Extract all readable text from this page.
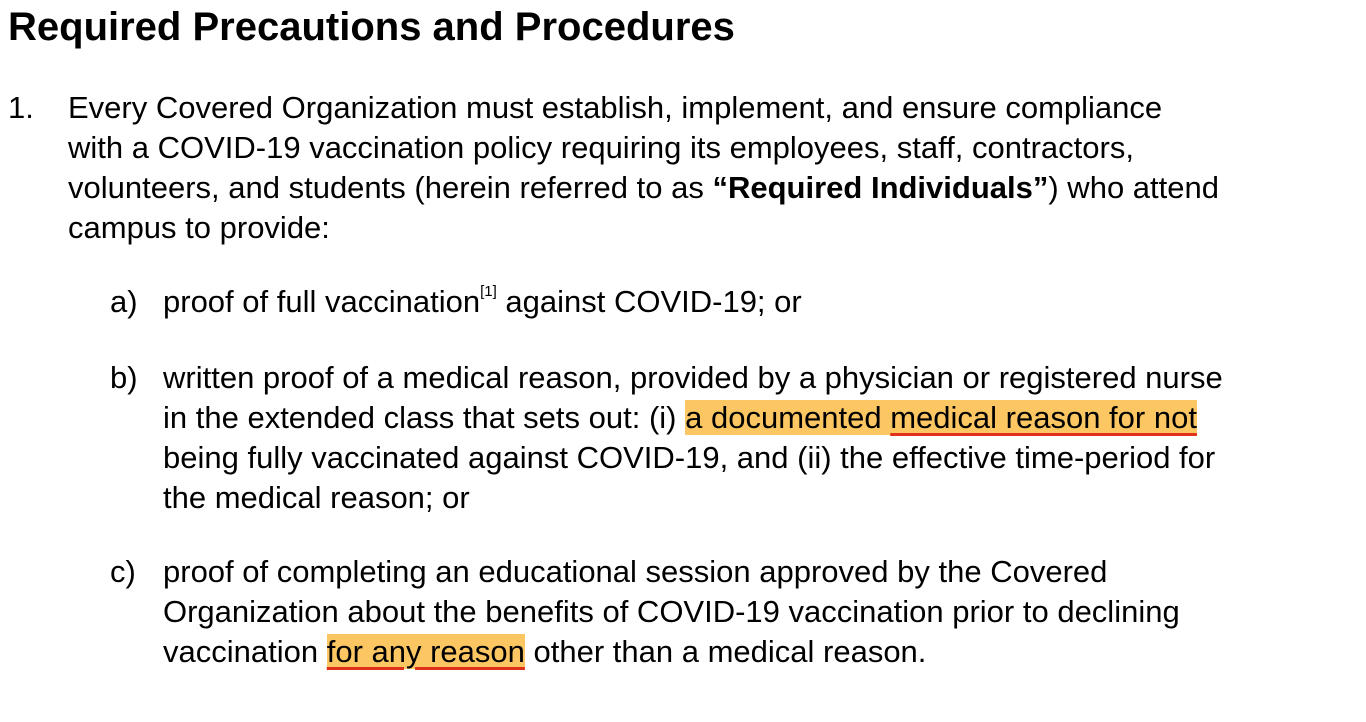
Required Precautions and Procedures
1. Every Covered Organization must establish, implement, and ensure compliance
with a COVID-19 vaccination policy requiring its employees, staff, contractors,
volunteers, and students (herein referred to as “Required Individuals”) who attend
campus to provide:
a) proof of full vaccination[1] against COVID-19; or
b) written proof of a medical reason, provided by a physician or registered nurse
in the extended class that sets out: (i) a documented medical reason for not
being fully vaccinated against COVID-19, and (ii) the effective time-period for
the medical reason; or
c) proof of completing an educational session approved by the Covered
Organization about the benefits of COVID-19 vaccination prior to declining
vaccination for any reason other than a medical reason.
